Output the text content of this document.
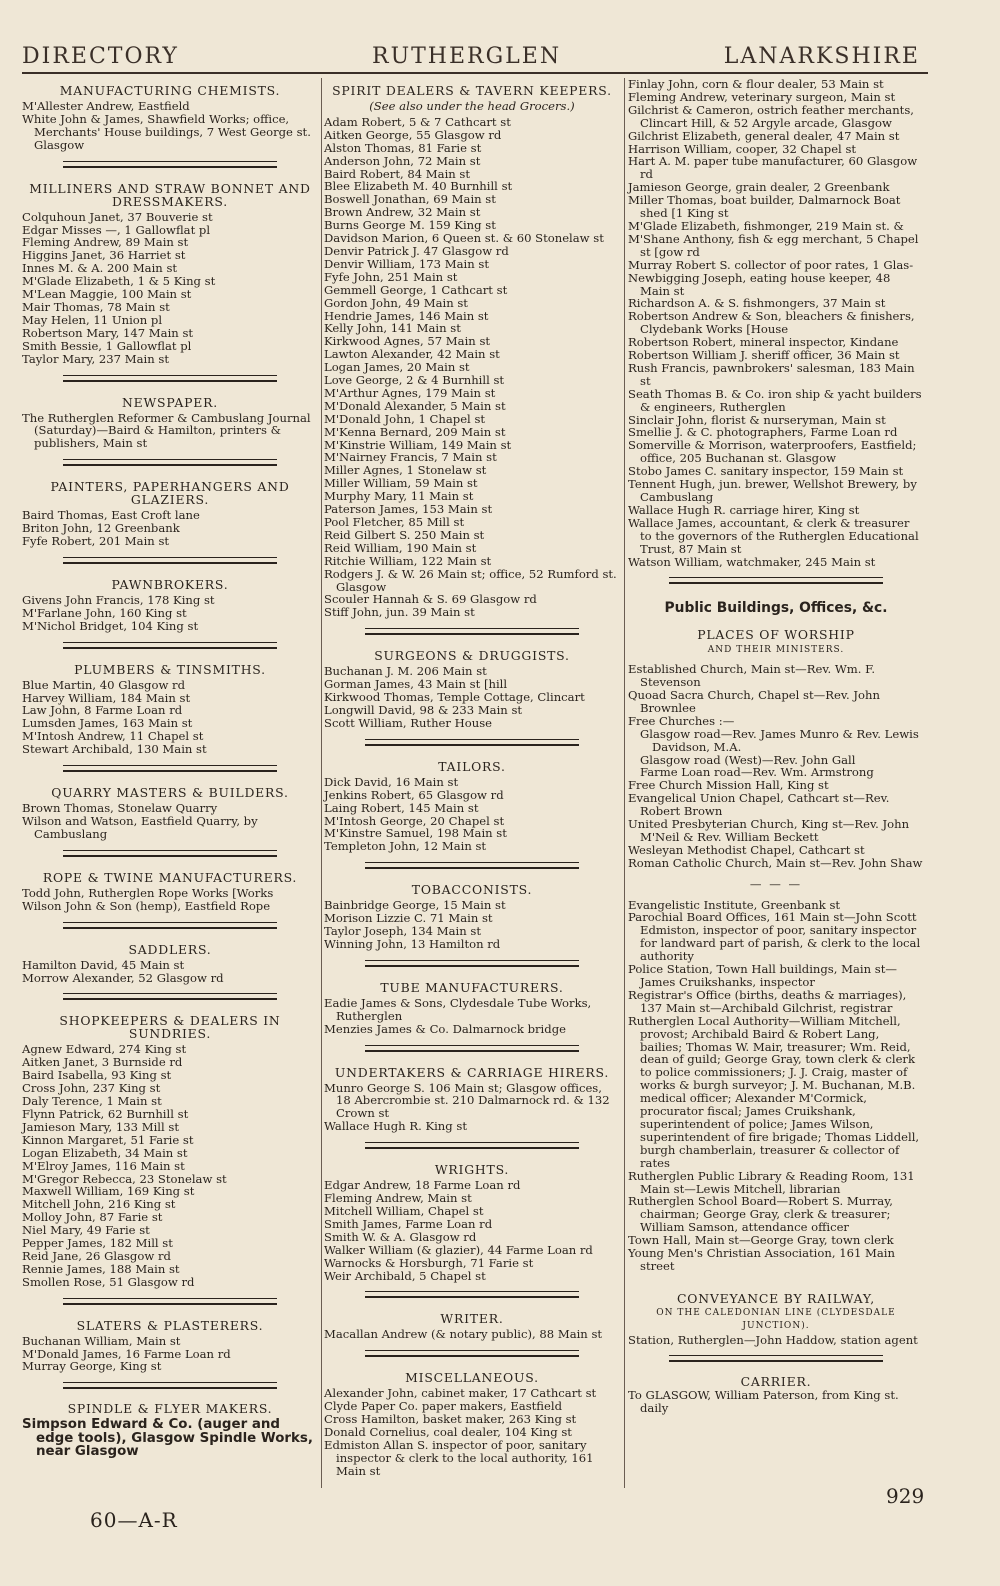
DIRECTORY	RUTHERGLEN	LANARKSHIRE
MANUFACTURING CHEMISTS.
M'Allester Andrew, Eastfield
White John & James, Shawfield Works; office, Merchants' House buildings, 7 West George st. Glasgow
MILLINERS AND STRAW BONNET AND DRESSMAKERS.
Colquhoun Janet, 37 Bouverie st
Edgar Misses —, 1 Gallowflat pl
Fleming Andrew, 89 Main st
Higgins Janet, 36 Harriet st
Innes M. & A. 200 Main st
M'Glade Elizabeth, 1 & 5 King st
M'Lean Maggie, 100 Main st
Mair Thomas, 78 Main st
May Helen, 11 Union pl
Robertson Mary, 147 Main st
Smith Bessie, 1 Gallowflat pl
Taylor Mary, 237 Main st
NEWSPAPER.
The Rutherglen Reformer & Cambuslang Journal (Saturday)—Baird & Hamilton, printers & publishers, Main st
PAINTERS, PAPERHANGERS AND GLAZIERS.
Baird Thomas, East Croft lane
Briton John, 12 Greenbank
Fyfe Robert, 201 Main st
PAWNBROKERS.
Givens John Francis, 178 King st
M'Farlane John, 160 King st
M'Nichol Bridget, 104 King st
PLUMBERS & TINSMITHS.
Blue Martin, 40 Glasgow rd
Harvey William, 184 Main st
Law John, 8 Farme Loan rd
Lumsden James, 163 Main st
M'Intosh Andrew, 11 Chapel st
Stewart Archibald, 130 Main st
QUARRY MASTERS & BUILDERS.
Brown Thomas, Stonelaw Quarry
Wilson and Watson, Eastfield Quarry, by Cambuslang
ROPE & TWINE MANUFACTURERS.
Todd John, Rutherglen Rope Works [Works
Wilson John & Son (hemp), Eastfield Rope
SADDLERS.
Hamilton David, 45 Main st
Morrow Alexander, 52 Glasgow rd
SHOPKEEPERS & DEALERS IN SUNDRIES.
Agnew Edward, 274 King st
Aitken Janet, 3 Burnside rd
Baird Isabella, 93 King st
Cross John, 237 King st
Daly Terence, 1 Main st
Flynn Patrick, 62 Burnhill st
Jamieson Mary, 133 Mill st
Kinnon Margaret, 51 Farie st
Logan Elizabeth, 34 Main st
M'Elroy James, 116 Main st
M'Gregor Rebecca, 23 Stonelaw st
Maxwell William, 169 King st
Mitchell John, 216 King st
Molloy John, 87 Farie st
Niel Mary, 49 Farie st
Pepper James, 182 Mill st
Reid Jane, 26 Glasgow rd
Rennie James, 188 Main st
Smollen Rose, 51 Glasgow rd
SLATERS & PLASTERERS.
Buchanan William, Main st
M'Donald James, 16 Farme Loan rd
Murray George, King st
SPINDLE & FLYER MAKERS.
Simpson Edward & Co. (auger and edge tools), Glasgow Spindle Works, near Glasgow
SPIRIT DEALERS & TAVERN KEEPERS.
(See also under the head Grocers.)
Adam Robert, 5 & 7 Cathcart st
Aitken George, 55 Glasgow rd
Alston Thomas, 81 Farie st
Anderson John, 72 Main st
Baird Robert, 84 Main st
Blee Elizabeth M. 40 Burnhill st
Boswell Jonathan, 69 Main st
Brown Andrew, 32 Main st
Burns George M. 159 King st
Davidson Marion, 6 Queen st. & 60 Stonelaw st
Denvir Patrick J. 47 Glasgow rd
Denvir William, 173 Main st
Fyfe John, 251 Main st
Gemmell George, 1 Cathcart st
Gordon John, 49 Main st
Hendrie James, 146 Main st
Kelly John, 141 Main st
Kirkwood Agnes, 57 Main st
Lawton Alexander, 42 Main st
Logan James, 20 Main st
Love George, 2 & 4 Burnhill st
M'Arthur Agnes, 179 Main st
M'Donald Alexander, 5 Main st
M'Donald John, 1 Chapel st
M'Kenna Bernard, 209 Main st
M'Kinstrie William, 149 Main st
M'Nairney Francis, 7 Main st
Miller Agnes, 1 Stonelaw st
Miller William, 59 Main st
Murphy Mary, 11 Main st
Paterson James, 153 Main st
Pool Fletcher, 85 Mill st
Reid Gilbert S. 250 Main st
Reid William, 190 Main st
Ritchie William, 122 Main st
Rodgers J. & W. 26 Main st; office, 52 Rumford st. Glasgow
Scouler Hannah & S. 69 Glasgow rd
Stiff John, jun. 39 Main st
SURGEONS & DRUGGISTS.
Buchanan J. M. 206 Main st
Gorman James, 43 Main st [hill
Kirkwood Thomas, Temple Cottage, Clincart
Longwill David, 98 & 233 Main st
Scott William, Ruther House
TAILORS.
Dick David, 16 Main st
Jenkins Robert, 65 Glasgow rd
Laing Robert, 145 Main st
M'Intosh George, 20 Chapel st
M'Kinstre Samuel, 198 Main st
Templeton John, 12 Main st
TOBACCONISTS.
Bainbridge George, 15 Main st
Morison Lizzie C. 71 Main st
Taylor Joseph, 134 Main st
Winning John, 13 Hamilton rd
TUBE MANUFACTURERS.
Eadie James & Sons, Clydesdale Tube Works, Rutherglen
Menzies James & Co. Dalmarnock bridge
UNDERTAKERS & CARRIAGE HIRERS.
Munro George S. 106 Main st; Glasgow offices, 18 Abercrombie st. 210 Dalmarnock rd. & 132 Crown st
Wallace Hugh R. King st
WRIGHTS.
Edgar Andrew, 18 Farme Loan rd
Fleming Andrew, Main st
Mitchell William, Chapel st
Smith James, Farme Loan rd
Smith W. & A. Glasgow rd
Walker William (& glazier), 44 Farme Loan rd
Warnocks & Horsburgh, 71 Farie st
Weir Archibald, 5 Chapel st
WRITER.
Macallan Andrew (& notary public), 88 Main st
MISCELLANEOUS.
Alexander John, cabinet maker, 17 Cathcart st
Clyde Paper Co. paper makers, Eastfield
Cross Hamilton, basket maker, 263 King st
Donald Cornelius, coal dealer, 104 King st
Edmiston Allan S. inspector of poor, sanitary inspector & clerk to the local authority, 161 Main st
Finlay John, corn & flour dealer, 53 Main st
Fleming Andrew, veterinary surgeon, Main st
Gilchrist & Cameron, ostrich feather merchants, Clincart Hill, & 52 Argyle arcade, Glasgow
Gilchrist Elizabeth, general dealer, 47 Main st
Harrison William, cooper, 32 Chapel st
Hart A. M. paper tube manufacturer, 60 Glasgow rd
Jamieson George, grain dealer, 2 Greenbank
Miller Thomas, boat builder, Dalmarnock Boat shed [1 King st
M'Glade Elizabeth, fishmonger, 219 Main st. &
M'Shane Anthony, fish & egg merchant, 5 Chapel st [gow rd
Murray Robert S. collector of poor rates, 1 Glas-
Newbigging Joseph, eating house keeper, 48 Main st
Richardson A. & S. fishmongers, 37 Main st
Robertson Andrew & Son, bleachers & finishers, Clydebank Works [House
Robertson Robert, mineral inspector, Kindane
Robertson William J. sheriff officer, 36 Main st
Rush Francis, pawnbrokers' salesman, 183 Main st
Seath Thomas B. & Co. iron ship & yacht builders & engineers, Rutherglen
Sinclair John, florist & nurseryman, Main st
Smellie J. & C. photographers, Farme Loan rd
Somerville & Morrison, waterproofers, Eastfield; office, 205 Buchanan st. Glasgow
Stobo James C. sanitary inspector, 159 Main st
Tennent Hugh, jun. brewer, Wellshot Brewery, by Cambuslang
Wallace Hugh R. carriage hirer, King st
Wallace James, accountant, & clerk & treasurer to the governors of the Rutherglen Educational Trust, 87 Main st
Watson William, watchmaker, 245 Main st
Public Buildings, Offices, &c.
PLACES OF WORSHIP
AND THEIR MINISTERS.
Established Church, Main st—Rev. Wm. F. Stevenson
Quoad Sacra Church, Chapel st—Rev. John Brownlee
Free Churches :—
Glasgow road—Rev. James Munro & Rev. Lewis Davidson, M.A.
Glasgow road (West)—Rev. John Gall
Farme Loan road—Rev. Wm. Armstrong
Free Church Mission Hall, King st
Evangelical Union Chapel, Cathcart st—Rev. Robert Brown
United Presbyterian Church, King st—Rev. John M'Neil & Rev. William Beckett
Wesleyan Methodist Chapel, Cathcart st
Roman Catholic Church, Main st—Rev. John Shaw
— — —
Evangelistic Institute, Greenbank st
Parochial Board Offices, 161 Main st—John Scott Edmiston, inspector of poor, sanitary inspector for landward part of parish, & clerk to the local authority
Police Station, Town Hall buildings, Main st—James Cruikshanks, inspector
Registrar's Office (births, deaths & marriages), 137 Main st—Archibald Gilchrist, registrar
Rutherglen Local Authority—William Mitchell, provost; Archibald Baird & Robert Lang, bailies; Thomas W. Mair, treasurer; Wm. Reid, dean of guild; George Gray, town clerk & clerk to police commissioners; J. J. Craig, master of works & burgh surveyor; J. M. Buchanan, M.B. medical officer; Alexander M'Cormick, procurator fiscal; James Cruikshank, superintendent of police; James Wilson, superintendent of fire brigade; Thomas Liddell, burgh chamberlain, treasurer & collector of rates
Rutherglen Public Library & Reading Room, 131 Main st—Lewis Mitchell, librarian
Rutherglen School Board—Robert S. Murray, chairman; George Gray, clerk & treasurer; William Samson, attendance officer
Town Hall, Main st—George Gray, town clerk
Young Men's Christian Association, 161 Main street
CONVEYANCE BY RAILWAY,
ON THE CALEDONIAN LINE (CLYDESDALE JUNCTION).
Station, Rutherglen—John Haddow, station agent
CARRIER.
To GLASGOW, William Paterson, from King st. daily
60—A-R
929
